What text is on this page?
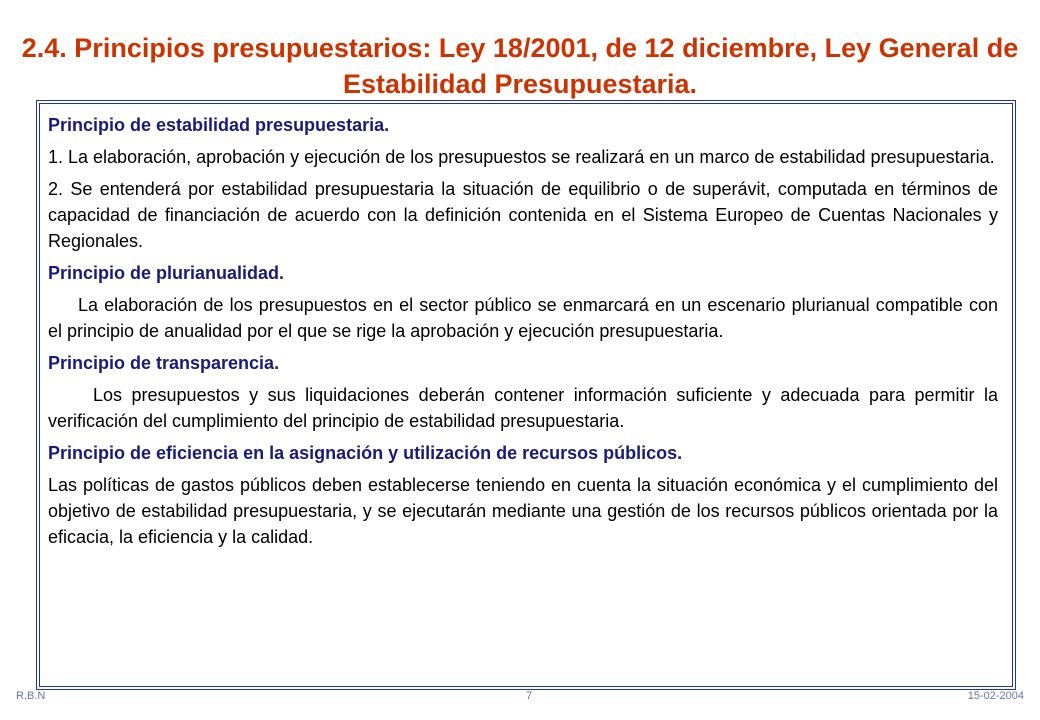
2.4. Principios presupuestarios: Ley 18/2001, de 12 diciembre, Ley General de Estabilidad Presupuestaria.

Principio de estabilidad presupuestaria.

1. La elaboración, aprobación y ejecución de los presupuestos se realizará en un marco de estabilidad presupuestaria.

2. Se entenderá por estabilidad presupuestaria la situación de equilibrio o de superávit, computada en términos de capacidad de financiación de acuerdo con la definición contenida en el Sistema Europeo de Cuentas Nacionales y Regionales.

Principio de plurianualidad.

La elaboración de los presupuestos en el sector público se enmarcará en un escenario plurianual compatible con el principio de anualidad por el que se rige la aprobación y ejecución presupuestaria.

Principio de transparencia.

Los presupuestos y sus liquidaciones deberán contener información suficiente y adecuada para permitir la verificación del cumplimiento del principio de estabilidad presupuestaria.

Principio de eficiencia en la asignación y utilización de recursos públicos.

Las políticas de gastos públicos deben establecerse teniendo en cuenta la situación económica y el cumplimiento del objetivo de estabilidad presupuestaria, y se ejecutarán mediante una gestión de los recursos públicos orientada por la eficacia, la eficiencia y la calidad.

R.B.N	7	15-02-2004
